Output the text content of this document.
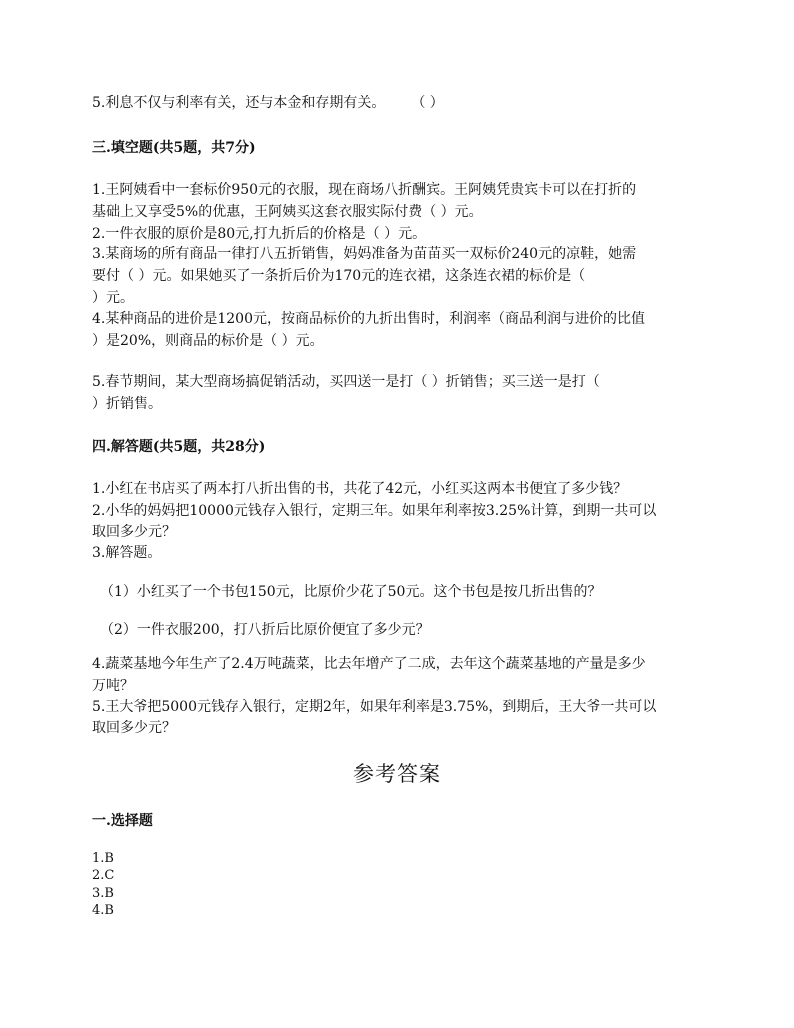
5.利息不仅与利率有关，还与本金和存期有关。 （ ）
三.填空题(共5题，共7分)
1.王阿姨看中一套标价950元的衣服，现在商场八折酬宾。王阿姨凭贵宾卡可以在打折的
基础上又享受5%的优惠，王阿姨买这套衣服实际付费（ ）元。
2.一件衣服的原价是80元,打九折后的价格是（ ）元。
3.某商场的所有商品一律打八五折销售，妈妈准备为苗苗买一双标价240元的凉鞋，她需
要付（ ）元。如果她买了一条折后价为170元的连衣裙，这条连衣裙的标价是（
）元。
4.某种商品的进价是1200元，按商品标价的九折出售时，利润率（商品利润与进价的比值
）是20%，则商品的标价是（ ）元。
5.春节期间，某大型商场搞促销活动，买四送一是打（ ）折销售；买三送一是打（
）折销售。
四.解答题(共5题，共28分)
1.小红在书店买了两本打八折出售的书，共花了42元，小红买这两本书便宜了多少钱？
2.小华的妈妈把10000元钱存入银行，定期三年。如果年利率按3.25%计算，到期一共可以
取回多少元？
3.解答题。
（1）小红买了一个书包150元，比原价少花了50元。这个书包是按几折出售的？
（2）一件衣服200，打八折后比原价便宜了多少元？
4.蔬菜基地今年生产了2.4万吨蔬菜，比去年增产了二成，去年这个蔬菜基地的产量是多少
万吨？
5.王大爷把5000元钱存入银行，定期2年，如果年利率是3.75%，到期后，王大爷一共可以
取回多少元？
参考答案
一.选择题
1.B
2.C
3.B
4.B
